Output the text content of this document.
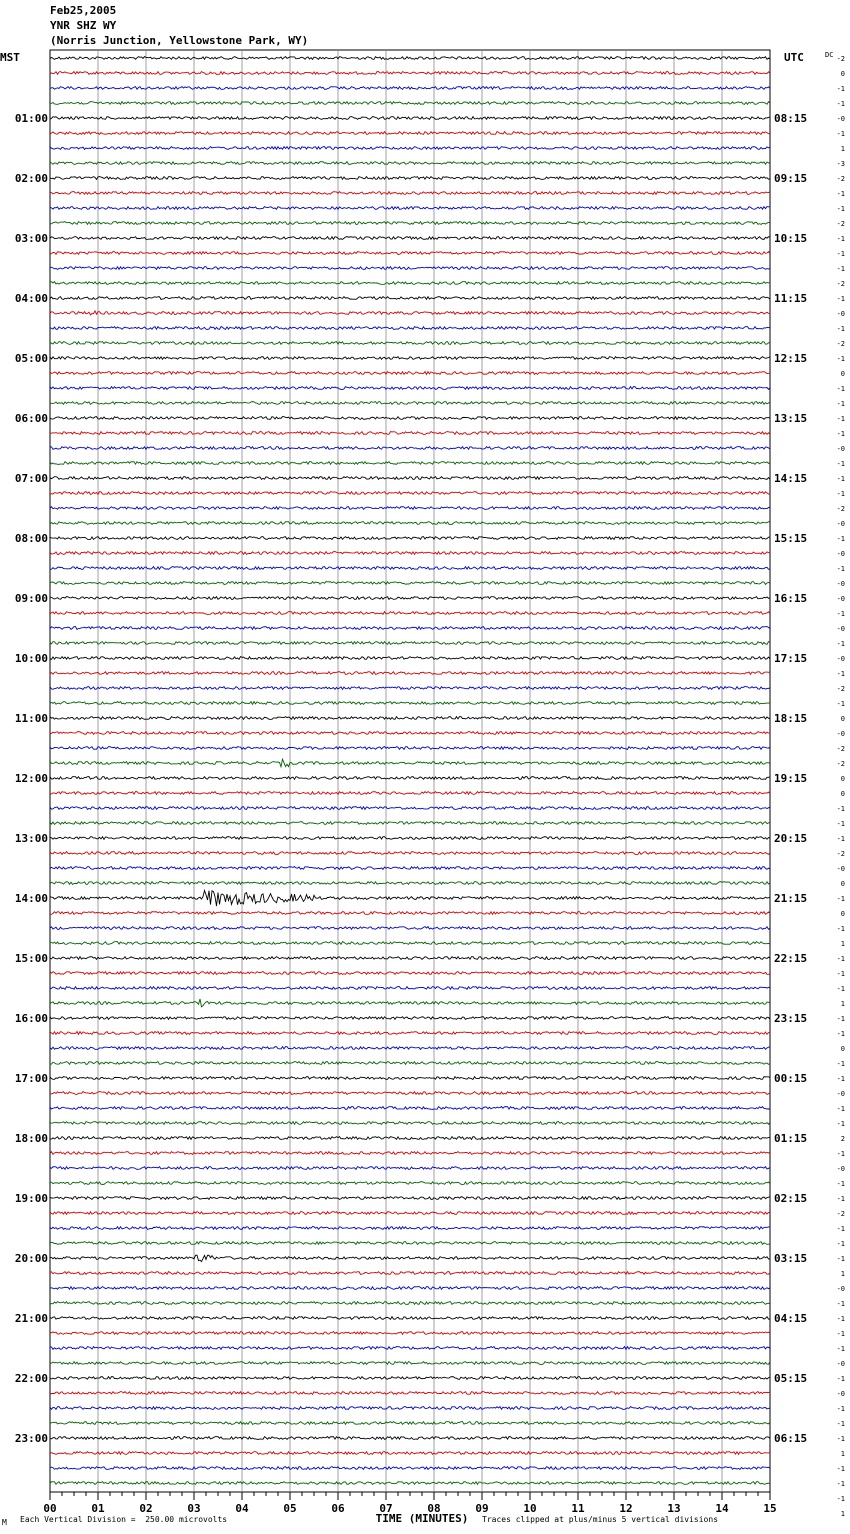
Feb25,2005
YNR SHZ WY
(Norris Junction, Yellowstone Park, WY)
01:00
02:00
03:00
04:00
05:00
06:00
07:00
08:00
09:00
10:00
11:00
12:00
13:00
14:00
15:00
16:00
17:00
18:00
19:00
20:00
21:00
22:00
23:00
08:15
09:15
10:15
11:15
12:15
13:15
14:15
15:15
16:15
17:15
18:15
19:15
20:15
21:15
22:15
23:15
00:15
01:15
02:15
03:15
04:15
05:15
06:15
MST	UTC	DC -2
0
-1
-1
-0
-1
1
-3
-2
-1
-1
-2
-1
-1
-1
-2
-1
-0
-1
-2
-1
0
-1
-1
-1
-1
-0
-1
-1
-1
-2
-0
-1
-0
-1
-0
-0
-1
-0
-1
-0
-1
-2
-1
0
-0
-2
-2
0
0
-1
-1
-1
-2
-0
0
-1
0
-1
1
-1
-1
-1
1
-1
-1
0
-1
-1
-0
-1
-1
2
-1
-0
-1
-1
-2
-1
-1
-1
1
-0
-1
-1
-1
-1
-0
-1
-0
-1
-1
-1
1
-1
-1
-1
1
00	01	02	03	04	05	06	07	08	09	10	11	12	13	14	15
TIME (MINUTES)
M Each Vertical Division =  250.00 microvolts	Traces clipped at plus/minus 5 vertical divisions
